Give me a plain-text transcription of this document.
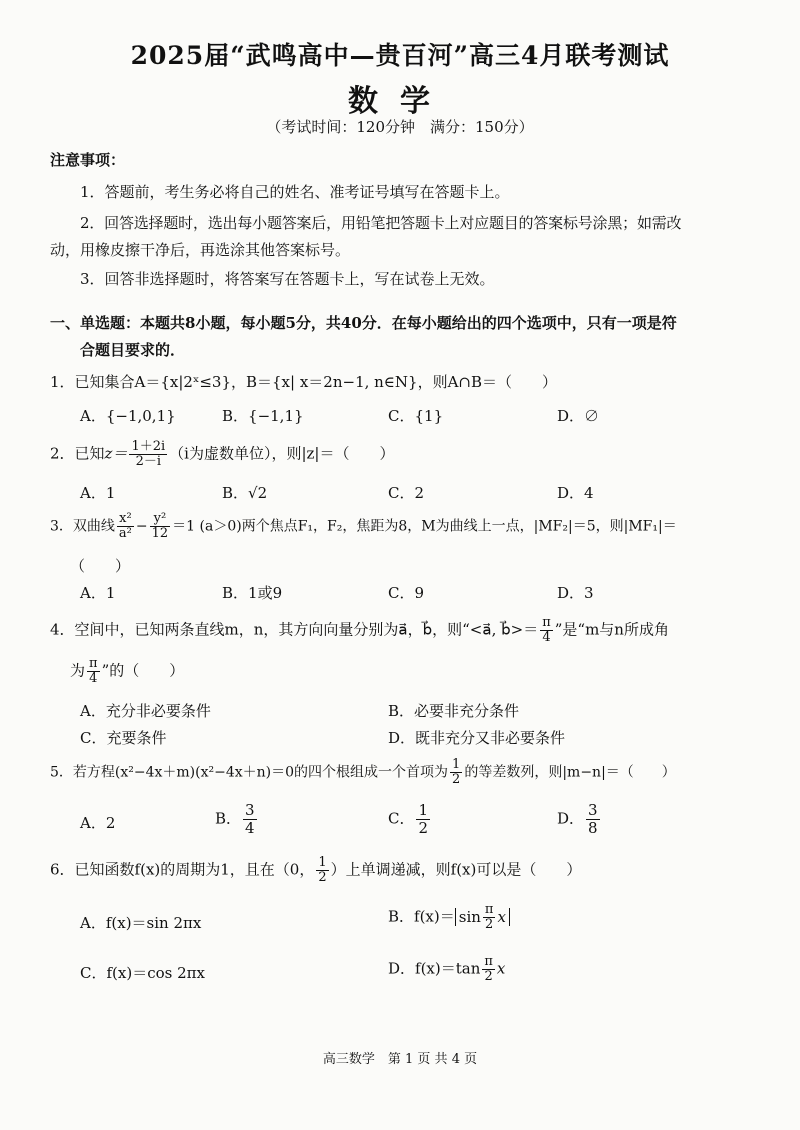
2025届“武鸣高中—贵百河”高三4月联考测试
数学
（考试时间：120分钟　满分：150分）
注意事项：
1．答题前，考生务必将自己的姓名、准考证号填写在答题卡上。
2．回答选择题时，选出每小题答案后，用铅笔把答题卡上对应题目的答案标号涂黑；如需改
动，用橡皮擦干净后，再选涂其他答案标号。
3．回答非选择题时，将答案写在答题卡上，写在试卷上无效。
一、单选题：本题共8小题，每小题5分，共40分．在每小题给出的四个选项中，只有一项是符
合题目要求的．
1．已知集合A＝{x|2ˣ≤3}，B＝{x| x＝2n−1, n∈N}，则A∩B＝（　　）
A．{−1,0,1}	B．{−1,1}	C．{1}	D．∅
2．已知$z= \frac{1+2i}{2-i} (i$为虚数单位），则|z|＝（　　）
A．1	B．√2	C．2	D．4
3．双曲线 $\frac{\text{x²}}{\text{a²}} - \frac{\text{y²}}{12} =1$ (a＞0)两个焦点F₁，F₂，焦距为8，M为曲线上一点，|MF₂|＝5，则|MF₁|＝
（　　）
A．1	B．1或9	C．9	D．3
4．空间中，已知两条直线m，n，其方向向量分别为a⃗，b⃗，则“<a⃗, b⃗>＝ $\frac{\pi}{4}$ ”是“m与n所成角
为 $\frac{\pi}{4}$ ”的（　　）
A．充分非必要条件	B．必要非充分条件
C．充要条件	D．既非充分又非必要条件
5．若方程(x²−4x＋m)(x²−4x＋n)＝0的四个根组成一个首项为 $\frac{1}{2}$ 的等差数列，则|m−n|＝（　　）
A．2	B． $\frac{3}{4}$	C． $\frac{1}{2}$	D． $\frac{3}{8}$
6．已知函数f(x)的周期为1，且在（0， $\frac{1}{2}$ ）上单调递减，则f(x)可以是（　　）
A．f(x)＝sin 2πx	B．$f(x)= \sin \frac{\pi}{2}$ x
C．f(x)＝cos 2πx	D．$f(x)=\tan \frac{\pi}{2}$ x
高三数学　第 1 页 共 4 页
